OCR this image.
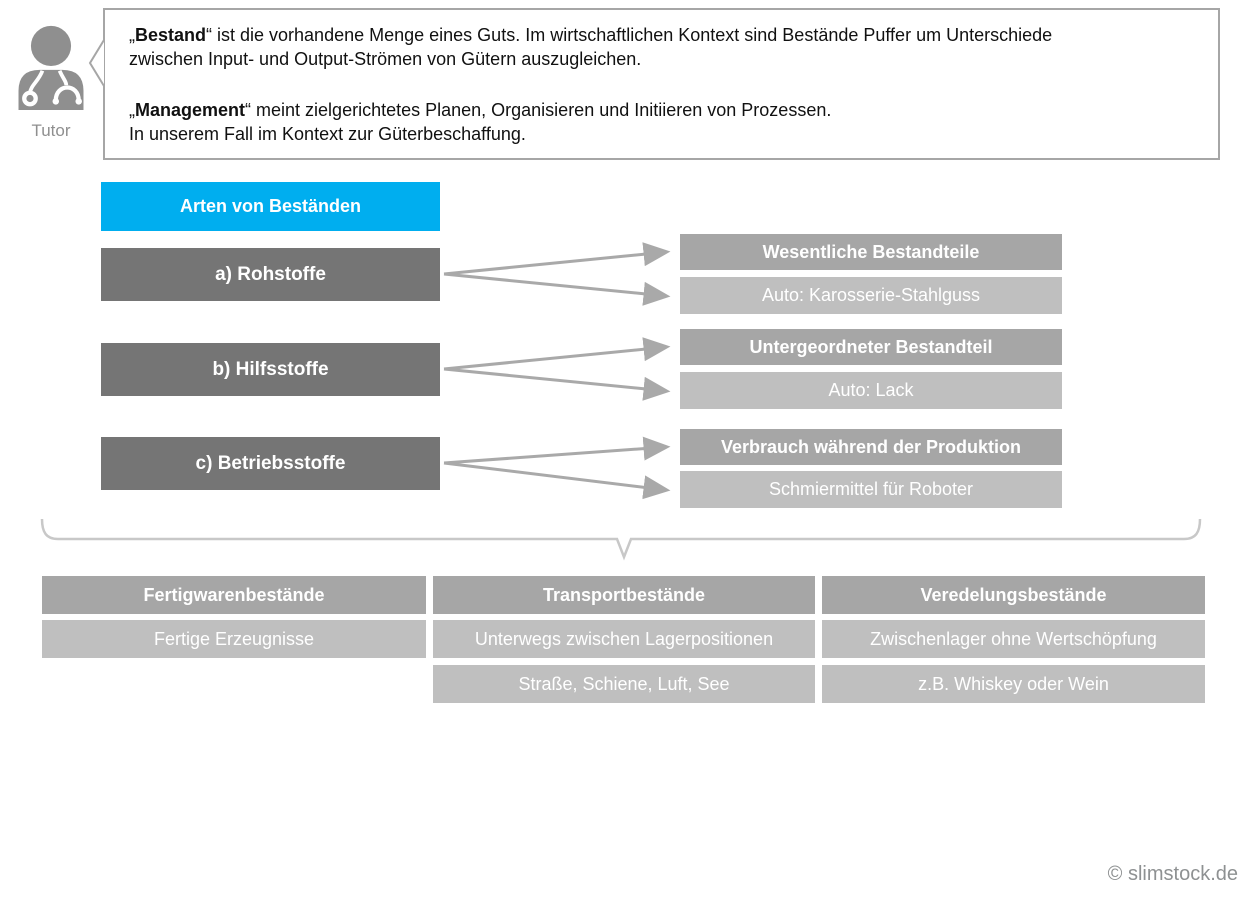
Tutor
„Bestand“ ist die vorhandene Menge eines Guts. Im wirtschaftlichen Kontext sind Bestände Puffer um Unterschiede
zwischen Input- und Output-Strömen von Gütern auszugleichen.
„Management“ meint zielgerichtetes Planen, Organisieren und Initiieren von Prozessen.
In unserem Fall im Kontext zur Güterbeschaffung.
Arten von Beständen
a) Rohstoffe
b) Hilfsstoffe
c) Betriebsstoffe
Wesentliche Bestandteile
Auto: Karosserie-Stahlguss
Untergeordneter Bestandteil
Auto: Lack
Verbrauch während der Produktion
Schmiermittel für Roboter
Fertigwarenbestände
Fertige Erzeugnisse
Transportbestände
Unterwegs zwischen Lagerpositionen
Straße, Schiene, Luft, See
Veredelungsbestände
Zwischenlager ohne Wertschöpfung
z.B. Whiskey oder Wein
© slimstock.de
